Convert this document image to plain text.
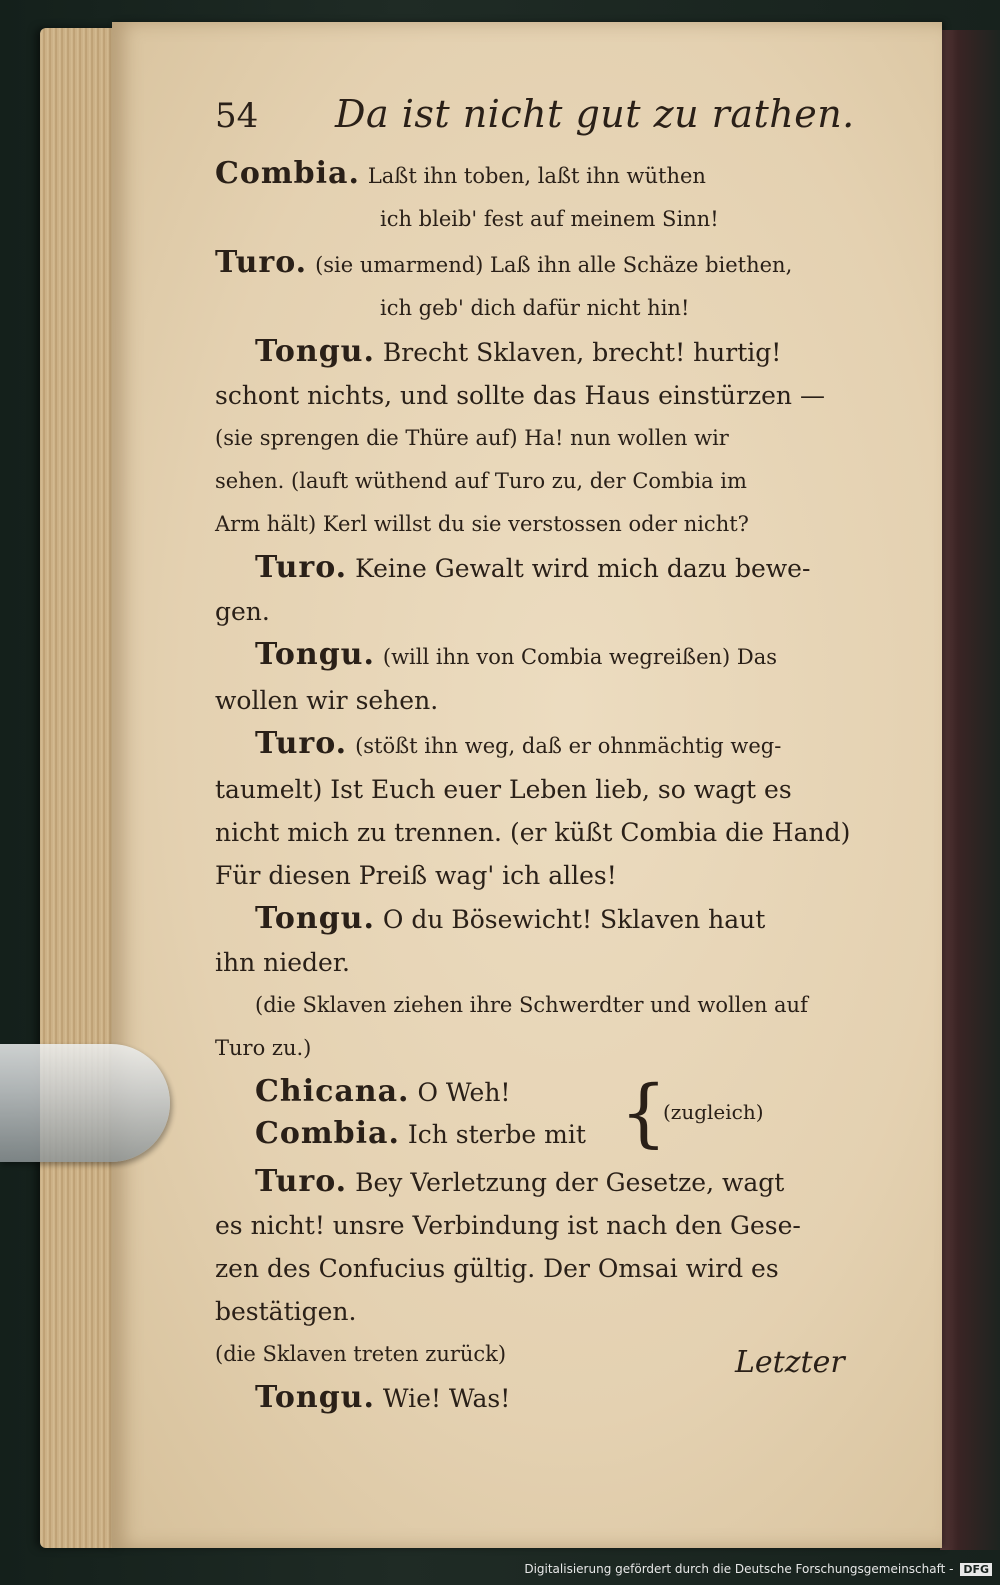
54	Da ist nicht gut zu rathen.
Combia. Laßt ihn toben, laßt ihn wüthen
ich bleib' fest auf meinem Sinn!
Turo. (sie umarmend) Laß ihn alle Schäze biethen,
ich geb' dich dafür nicht hin!
Tongu. Brecht Sklaven, brecht! hurtig!
schont nichts, und sollte das Haus einstürzen —
(sie sprengen die Thüre auf) Ha! nun wollen wir
sehen. (lauft wüthend auf Turo zu, der Combia im
Arm hält) Kerl willst du sie verstossen oder nicht?
Turo. Keine Gewalt wird mich dazu bewe-
gen.
Tongu. (will ihn von Combia wegreißen) Das
wollen wir sehen.
Turo. (stößt ihn weg, daß er ohnmächtig weg-
taumelt) Ist Euch euer Leben lieb, so wagt es
nicht mich zu trennen. (er küßt Combia die Hand)
Für diesen Preiß wag' ich alles!
Tongu. O du Bösewicht! Sklaven haut
ihn nieder.
(die Sklaven ziehen ihre Schwerdter und wollen auf
Turo zu.)
Chicana. O Weh!
Combia. Ich sterbe mit {
(zugleich)
Turo. Bey Verletzung der Gesetze, wagt
es nicht! unsre Verbindung ist nach den Gese-
zen des Confucius gültig. Der Omsai wird es
bestätigen.
(die Sklaven treten zurück)
Tongu. Wie! Was!
Letzter
Digitalisierung gefördert durch die Deutsche Forschungsgemeinschaft - DFG
